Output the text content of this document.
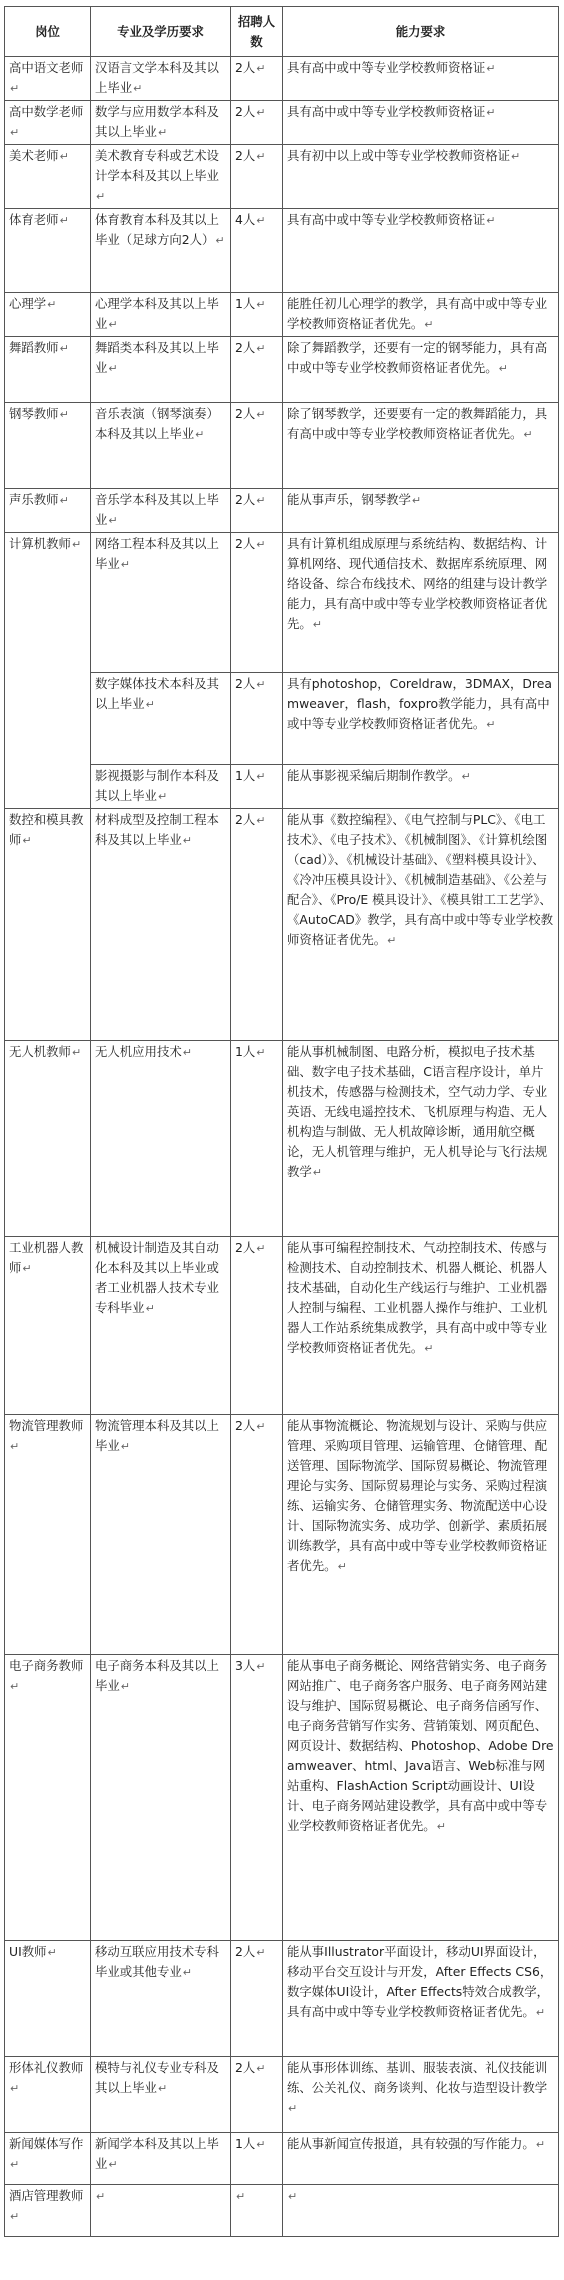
岗位	专业及学历要求	招聘人数	能力要求
高中语文老师↵	汉语言文学本科及其以上毕业↵	2人↵	具有高中或中等专业学校教师资格证↵
高中数学老师↵	数学与应用数学本科及其以上毕业↵	2人↵	具有高中或中等专业学校教师资格证↵
美术老师↵	美术教育专科或艺术设计学本科及其以上毕业↵	2人↵	具有初中以上或中等专业学校教师资格证↵
体育老师↵	体育教育本科及其以上毕业（足球方向2人）↵	4人↵	具有高中或中等专业学校教师资格证↵
心理学↵	心理学本科及其以上毕业↵	1人↵	能胜任初儿心理学的教学，具有高中或中等专业学校教师资格证者优先。↵
舞蹈教师↵	舞蹈类本科及其以上毕业↵	2人↵	除了舞蹈教学，还要有一定的钢琴能力，具有高中或中等专业学校教师资格证者优先。↵
钢琴教师↵	音乐表演（钢琴演奏）本科及其以上毕业↵	2人↵	除了钢琴教学，还要要有一定的教舞蹈能力，具有高中或中等专业学校教师资格证者优先。↵
声乐教师↵	音乐学本科及其以上毕业↵	2人↵	能从事声乐，钢琴教学↵
计算机教师↵	网络工程本科及其以上毕业↵	2人↵	具有计算机组成原理与系统结构、数据结构、计算机网络、现代通信技术、数据库系统原理、网络设备、综合布线技术、网络的组建与设计教学能力，具有高中或中等专业学校教师资格证者优先。↵
	数字媒体技术本科及其以上毕业↵	2人↵	具有photoshop，Coreldraw，3DMAX，Dreamweaver，flash，foxpro教学能力，具有高中或中等专业学校教师资格证者优先。↵
	影视摄影与制作本科及其以上毕业↵	1人↵	能从事影视采编后期制作教学。↵
数控和模具教师↵	材料成型及控制工程本科及其以上毕业↵	2人↵	能从事《数控编程》、《电气控制与PLC》、《电工技术》、《电子技术》、《机械制图》、《计算机绘图（cad）》、《机械设计基础》、《塑料模具设计》、《冷冲压模具设计》、《机械制造基础》、《公差与配合》、《Pro/E 模具设计》、《模具钳工工艺学》、《AutoCAD》教学，具有高中或中等专业学校教师资格证者优先。↵
无人机教师↵	无人机应用技术↵	1人↵	能从事机械制图、电路分析，模拟电子技术基础、数字电子技术基础，C语言程序设计，单片机技术，传感器与检测技术，空气动力学、专业英语、无线电遥控技术、飞机原理与构造、无人机构造与制做、无人机故障诊断，通用航空概论，无人机管理与维护，无人机导论与飞行法规教学↵
工业机器人教师↵	机械设计制造及其自动化本科及其以上毕业或者工业机器人技术专业专科毕业↵	2人↵	能从事可编程控制技术、气动控制技术、传感与检测技术、自动控制技术、机器人概论、机器人技术基础，自动化生产线运行与维护、工业机器人控制与编程、工业机器人操作与维护、工业机器人工作站系统集成教学，具有高中或中等专业学校教师资格证者优先。↵
物流管理教师↵	物流管理本科及其以上毕业↵	2人↵	能从事物流概论、物流规划与设计、采购与供应管理、采购项目管理、运输管理、仓储管理、配送管理、国际物流学、国际贸易概论、物流管理理论与实务、国际贸易理论与实务、采购过程演练、运输实务、仓储管理实务、物流配送中心设计、国际物流实务、成功学、创新学、素质拓展训练教学，具有高中或中等专业学校教师资格证者优先。↵
电子商务教师↵	电子商务本科及其以上毕业↵	3人↵	能从事电子商务概论、网络营销实务、电子商务网站推广、电子商务客户服务、电子商务网站建设与维护、国际贸易概论、电子商务信函写作、电子商务营销写作实务、营销策划、网页配色、网页设计、数据结构、Photoshop、Adobe Dreamweaver、html、Java语言、Web标准与网站重构、FlashAction Script动画设计、UI设计、电子商务网站建设教学，具有高中或中等专业学校教师资格证者优先。↵
UI教师↵	移动互联应用技术专科毕业或其他专业↵	2人↵	能从事Illustrator平面设计，移动UI界面设计，移动平台交互设计与开发，After Effects CS6，数字媒体UI设计，After Effects特效合成教学，具有高中或中等专业学校教师资格证者优先。↵
形体礼仪教师↵	模特与礼仪专业专科及其以上毕业↵	2人↵	能从事形体训练、基训、服装表演、礼仪技能训练、公关礼仪、商务谈判、化妆与造型设计教学↵
新闻媒体写作↵	新闻学本科及其以上毕业↵	1人↵	能从事新闻宣传报道，具有较强的写作能力。↵
酒店管理教师↵	↵	↵	↵
